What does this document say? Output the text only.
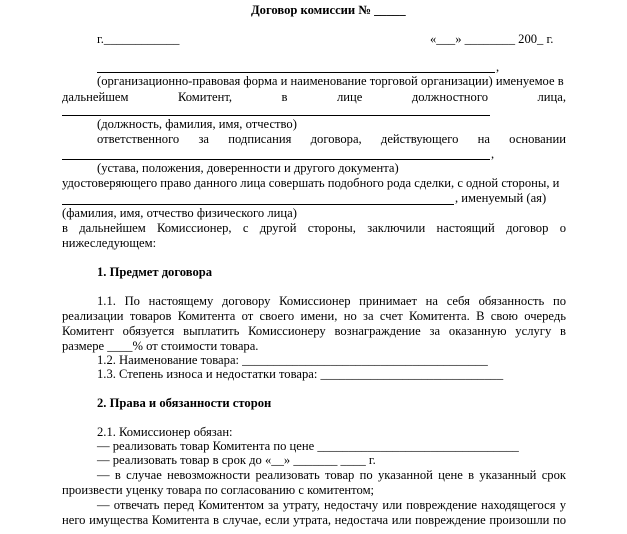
Договор комиссии № _____
г.____________	«___» ________ 200_ г.
,
(организационно-правовая форма и наименование торговой организации) именуемое в
дальнейшем Комитент, в лице должностного лица,
(должность, фамилия, имя, отчество)
ответственного за подписания договора, действующего на основании
,
(устава, положения, доверенности и другого документа)
удостоверяющего право данного лица совершать подобного рода сделки, с одной стороны, и
, именуемый (ая)
(фамилия, имя, отчество физического лица)
в дальнейшем Комиссионер, с другой стороны, заключили настоящий договор о
нижеследующем:
1. Предмет договора
1.1. По настоящему договору Комиссионер принимает на себя обязанность по
реализации товаров Комитента от своего имени, но за счет Комитента. В свою очередь
Комитент обязуется выплатить Комиссионеру вознаграждение за оказанную услугу в
размере ____% от стоимости товара.
1.2. Наименование товара: _______________________________________
1.3. Степень износа и недостатки товара: _____________________________
2. Права и обязанности сторон
2.1. Комиссионер обязан:
— реализовать товар Комитента по цене ________________________________
— реализовать товар в срок до «__» _______ ____ г.
— в случае невозможности реализовать товар по указанной цене в указанный срок
произвести уценку товара по согласованию с комитентом;
— отвечать перед Комитентом за утрату, недостачу или повреждение находящегося у
него имущества Комитента в случае, если утрата, недостача или повреждение произошли по
